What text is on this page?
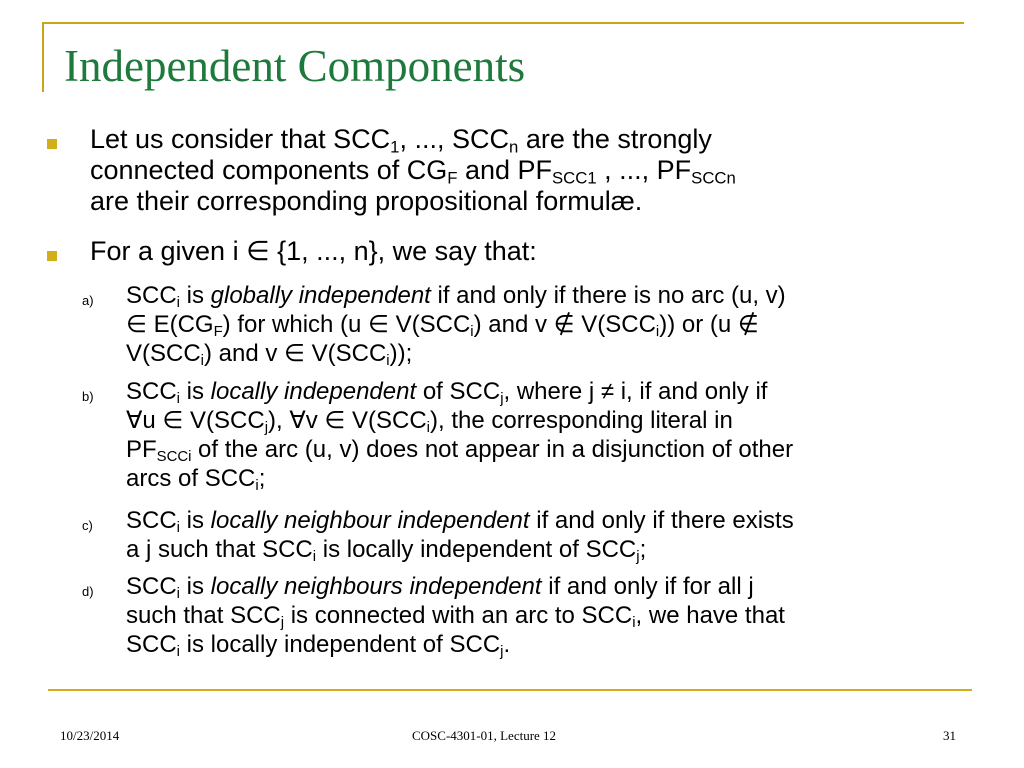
Independent Components
Let us consider that $SCC_1$, ..., $SCC_n$ are the strongly
connected components of $CG_F$ and $PF_{SCC1}$ , ..., $PF_{SCCn}$
are their corresponding propositional formulæ.
For a given i ∈ {1, ..., n}, we say that:
a) $SCC_i$ is globally independent if and only if there is no arc (u, v)
∈ $E(CG_F)$ for which (u ∈ $V(SCC_i)$ and v ∉ $V(SCC_i)$) or (u ∉
$V(SCC_i)$ and v ∈ $V(SCC_i)$);
b) $SCC_i$ is locally independent of $SCC_j$, where j ≠ i, if and only if
∀u ∈ $V(SCC_j)$, ∀v ∈ $V(SCC_i)$, the corresponding literal in
$PF_{SCCi}$ of the arc (u, v) does not appear in a disjunction of other
arcs of $SCC_i$;
c) $SCC_i$ is locally neighbour independent if and only if there exists
a j such that $SCC_i$ is locally independent of $SCC_j$;
d) $SCC_i$ is locally neighbours independent if and only if for all j
such that $SCC_j$ is connected with an arc to $SCC_i$, we have that
$SCC_i$ is locally independent of $SCC_j$.
10/23/2014	COSC-4301-01, Lecture 12	31
